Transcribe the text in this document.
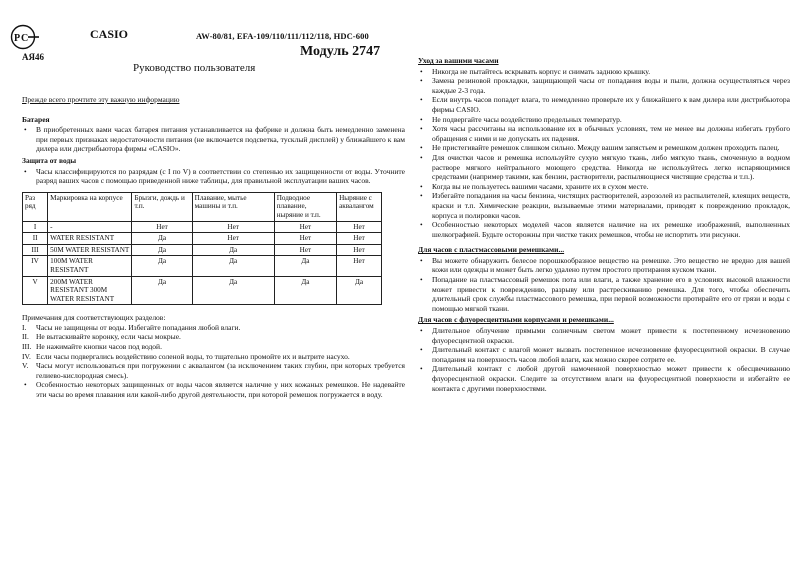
Р С
АЯ46
CASIO	AW-80/81, EFA-109/110/111/112/118, HDC-600
Модуль 2747
Руководство пользователя
Прежде всего прочтите эту важную информацию
Батарея
• В приобретенных вами часах батарея питания устанавливается на фабрике и должна быть немедленно заменена при первых признаках недостаточности питания (не включается подсветка, тусклый дисплей) у ближайшего к вам дилера или дистрибьютора фирмы «CASIO».
Защита от воды
• Часы классифицируются по разрядам (с I по V) в соответствии со степенью их защищенности от воды. Уточните разряд ваших часов с помощью приведенной ниже таблицы, для правильной эксплуатации ваших часов.
Раз ряд	Маркировка на корпусе	Брызги, дождь и т.п.	Плавание, мытье машины и т.п.	Подводное плавание, ныряние и т.п.	Ныряние с аквалангом
I	-	Нет	Нет	Нет	Нет
II	WATER RESISTANT	Да	Нет	Нет	Нет
III	50M WATER RESISTANT	Да	Да	Нет	Нет
IV	100M WATER RESISTANT	Да	Да	Да	Нет
V	200M WATER RESISTANT 300M WATER RESISTANT	Да	Да	Да	Да
Примечания для соответствующих разделов:
I. Часы не защищены от воды. Избегайте попадания любой влаги.
II. Не вытаскивайте коронку, если часы мокрые.
III. Не нажимайте кнопки часов под водой.
IV. Если часы подвергались воздействию соленой воды, то тщательно промойте их и вытрите насухо.
V. Часы могут использоваться при погружении с аквалангом (за исключением таких глубин, при которых требуется гелиево-кислородная смесь).
• Особенностью некоторых защищенных от воды часов является наличие у них кожаных ремешков. Не надевайте эти часы во время плавания или какой-либо другой деятельности, при которой ремешок погружается в воду.
Уход за вашими часами
• Никогда не пытайтесь вскрывать корпус и снимать заднюю крышку.
• Замена резиновой прокладки, защищающей часы от попадания воды и пыли, должна осуществляться через каждые 2-3 года.
• Если внутрь часов попадет влага, то немедленно проверьте их у ближайшего к вам дилера или дистрибьютора фирмы CASIO.
• Не подвергайте часы воздействию предельных температур.
• Хотя часы рассчитаны на использование их в обычных условиях, тем не менее вы должны избегать грубого обращения с ними и не допускать их падения.
• Не пристегивайте ремешок слишком сильно. Между вашим запястьем и ремешком должен проходить палец.
• Для очистки часов и ремешка используйте сухую мягкую ткань, либо мягкую ткань, смоченную в водном растворе мягкого нейтрального моющего средства. Никогда не используйтесь легко испаряющимися средствами (например такими, как бензин, растворители, распыляющиеся чистящие средства и т.п.).
• Когда вы не пользуетесь вашими часами, храните их в сухом месте.
• Избегайте попадания на часы бензина, чистящих растворителей, аэрозолей из распылителей, клеящих веществ, краски и т.п. Химические реакции, вызываемые этими материалами, приводят к повреждению прокладок, корпуса и полировки часов.
• Особенностью некоторых моделей часов является наличие на их ремешке изображений, выполненных шелкографией. Будьте осторожны при чистке таких ремешков, чтобы не испортить эти рисунки.
Для часов с пластмассовыми ремешками...
• Вы можете обнаружить белесое порошкообразное вещество на ремешке. Это вещество не вредно для вашей кожи или одежды и может быть легко удалено путем простого протирания куском ткани.
• Попадание на пластмассовый ремешок пота или влаги, а также хранение его в условиях высокой влажности может привести к повреждению, разрыву или растрескиванию ремешка. Для того, чтобы обеспечить длительный срок службы пластмассового ремешка, при первой возможности протирайте его от грязи и воды с помощью мягкой ткани.
Для часов с флуоресцентными корпусами и ремешками...
• Длительное облучение прямыми солнечным светом может привести к постепенному исчезновению флуоресцентной окраски.
• Длительный контакт с влагой может вызвать постепенное исчезновение флуоресцентной окраски. В случае попадания на поверхность часов любой влаги, как можно скорее сотрите ее.
• Длительный контакт с любой другой намоченной поверхностью может привести к обесцвечиванию флуоресцентной окраски. Следите за отсутствием влаги на флуоресцентной поверхности и избегайте ее контакта с другими поверхностями.
